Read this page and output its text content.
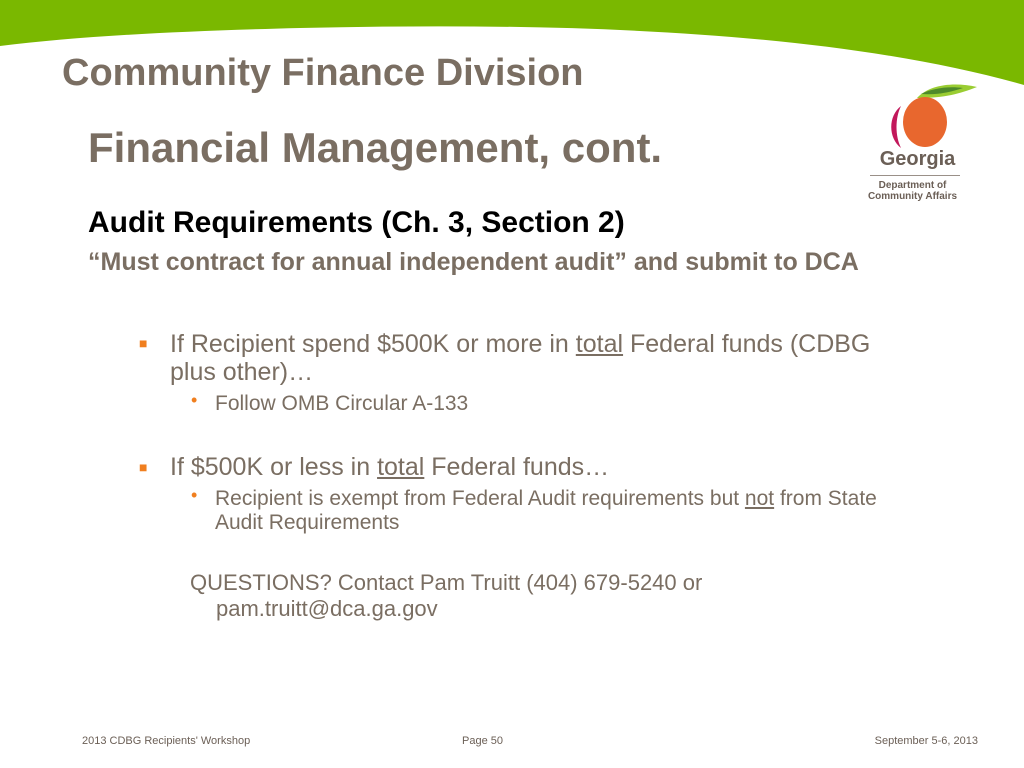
Community Finance Division
Georgia
Department of
Community Affairs
Financial Management, cont.
Audit Requirements (Ch. 3, Section 2)
“Must contract for annual independent audit” and submit to DCA
■ If Recipient spend $500K or more in total Federal funds (CDBG plus other)…
• Follow OMB Circular A-133
■ If $500K or less in total Federal funds…
• Recipient is exempt from Federal Audit requirements but not from State Audit Requirements
QUESTIONS? Contact Pam Truitt (404) 679-5240 or pam.truitt@dca.ga.gov
2013 CDBG Recipients' Workshop	Page 50	September 5-6, 2013
